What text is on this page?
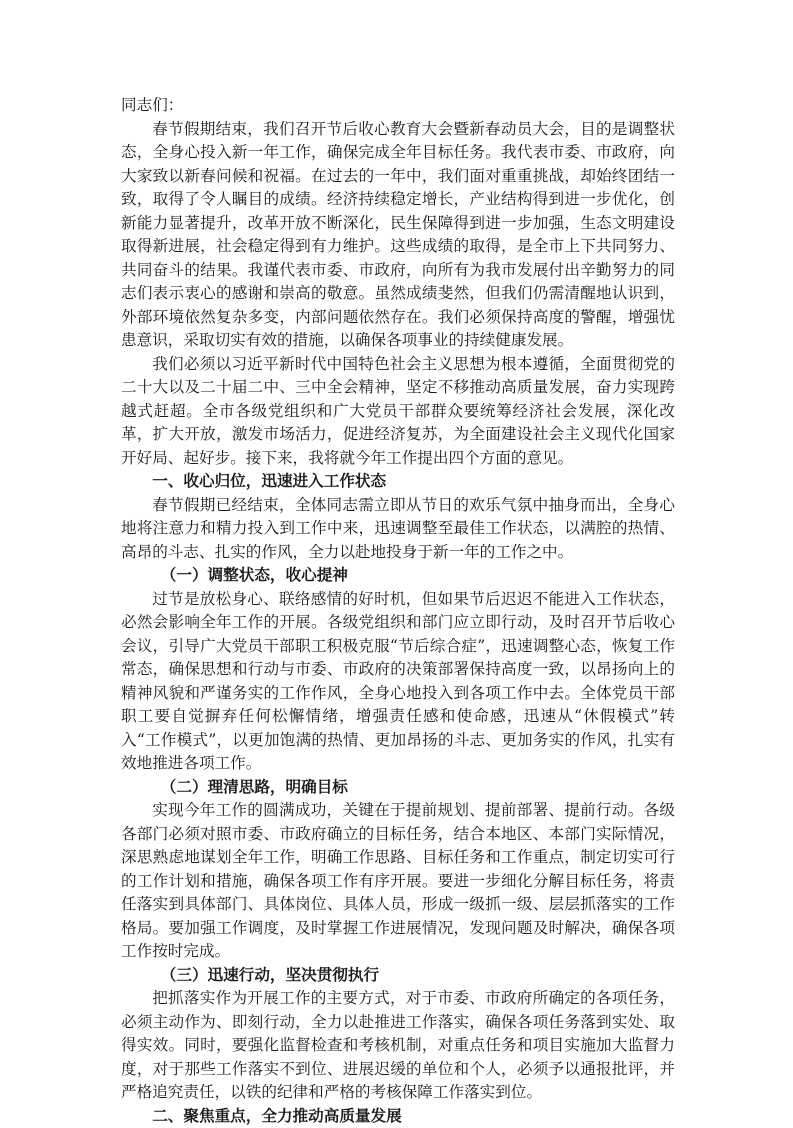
同志们：

春节假期结束，我们召开节后收心教育大会暨新春动员大会，目的是调整状态，全身心投入新一年工作，确保完成全年目标任务。我代表市委、市政府，向大家致以新春问候和祝福。在过去的一年中，我们面对重重挑战，却始终团结一致，取得了令人瞩目的成绩。经济持续稳定增长，产业结构得到进一步优化，创新能力显著提升，改革开放不断深化，民生保障得到进一步加强，生态文明建设取得新进展，社会稳定得到有力维护。这些成绩的取得，是全市上下共同努力、共同奋斗的结果。我谨代表市委、市政府，向所有为我市发展付出辛勤努力的同志们表示衷心的感谢和崇高的敬意。虽然成绩斐然，但我们仍需清醒地认识到，外部环境依然复杂多变，内部问题依然存在。我们必须保持高度的警醒，增强忧患意识，采取切实有效的措施，以确保各项事业的持续健康发展。

我们必须以习近平新时代中国特色社会主义思想为根本遵循，全面贯彻党的二十大以及二十届二中、三中全会精神，坚定不移推动高质量发展，奋力实现跨越式赶超。全市各级党组织和广大党员干部群众要统筹经济社会发展，深化改革，扩大开放，激发市场活力，促进经济复苏，为全面建设社会主义现代化国家开好局、起好步。接下来，我将就今年工作提出四个方面的意见。

一、收心归位，迅速进入工作状态

春节假期已经结束，全体同志需立即从节日的欢乐气氛中抽身而出，全身心地将注意力和精力投入到工作中来，迅速调整至最佳工作状态，以满腔的热情、高昂的斗志、扎实的作风，全力以赴地投身于新一年的工作之中。

（一）调整状态，收心提神

过节是放松身心、联络感情的好时机，但如果节后迟迟不能进入工作状态，必然会影响全年工作的开展。各级党组织和部门应立即行动，及时召开节后收心会议，引导广大党员干部职工积极克服“节后综合症”，迅速调整心态，恢复工作常态，确保思想和行动与市委、市政府的决策部署保持高度一致，以昂扬向上的精神风貌和严谨务实的工作作风，全身心地投入到各项工作中去。全体党员干部职工要自觉摒弃任何松懈情绪，增强责任感和使命感，迅速从“休假模式”转入“工作模式”，以更加饱满的热情、更加昂扬的斗志、更加务实的作风，扎实有效地推进各项工作。

（二）理清思路，明确目标

实现今年工作的圆满成功，关键在于提前规划、提前部署、提前行动。各级各部门必须对照市委、市政府确立的目标任务，结合本地区、本部门实际情况，深思熟虑地谋划全年工作，明确工作思路、目标任务和工作重点，制定切实可行的工作计划和措施，确保各项工作有序开展。要进一步细化分解目标任务，将责任落实到具体部门、具体岗位、具体人员，形成一级抓一级、层层抓落实的工作格局。要加强工作调度，及时掌握工作进展情况，发现问题及时解决，确保各项工作按时完成。

（三）迅速行动，坚决贯彻执行

把抓落实作为开展工作的主要方式，对于市委、市政府所确定的各项任务，必须主动作为、即刻行动，全力以赴推进工作落实，确保各项任务落到实处、取得实效。同时，要强化监督检查和考核机制，对重点任务和项目实施加大监督力度，对于那些工作落实不到位、进展迟缓的单位和个人，必须予以通报批评，并严格追究责任，以铁的纪律和严格的考核保障工作落实到位。

二、聚焦重点，全力推动高质量发展
